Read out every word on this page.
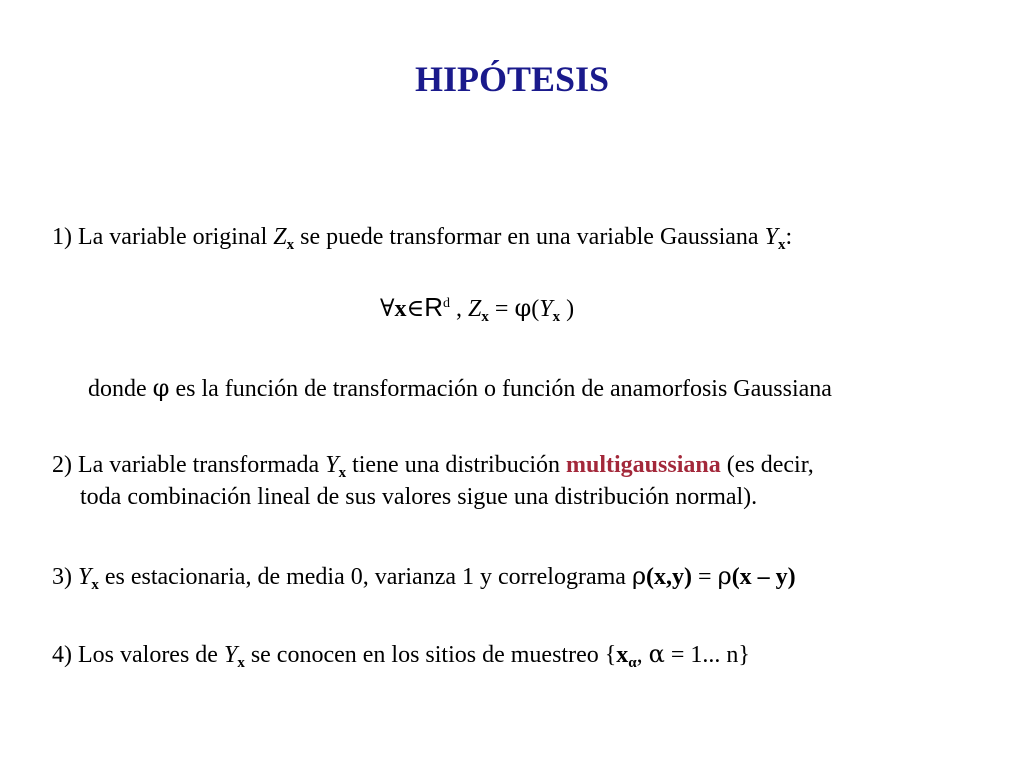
HIPÓTESIS
1) La variable original $Z_x$ se puede transformar en una variable Gaussiana $Y_x$:
$\forall x\in R^d$ , $Z_x = \varphi(Y_x$ )
donde φ es la función de transformación o función de anamorfosis Gaussiana
2) La variable transformada $Y_x$ tiene una distribución multigaussiana (es decir,
toda combinación lineal de sus valores sigue una distribución normal).
3) $Y_x$ es estacionaria, de media 0, varianza 1 y correlograma ρ(x,y) = ρ(x – y)
4) Los valores de $Y_x$ se conocen en los sitios de muestreo {$x_\alpha$, α = 1... n}
